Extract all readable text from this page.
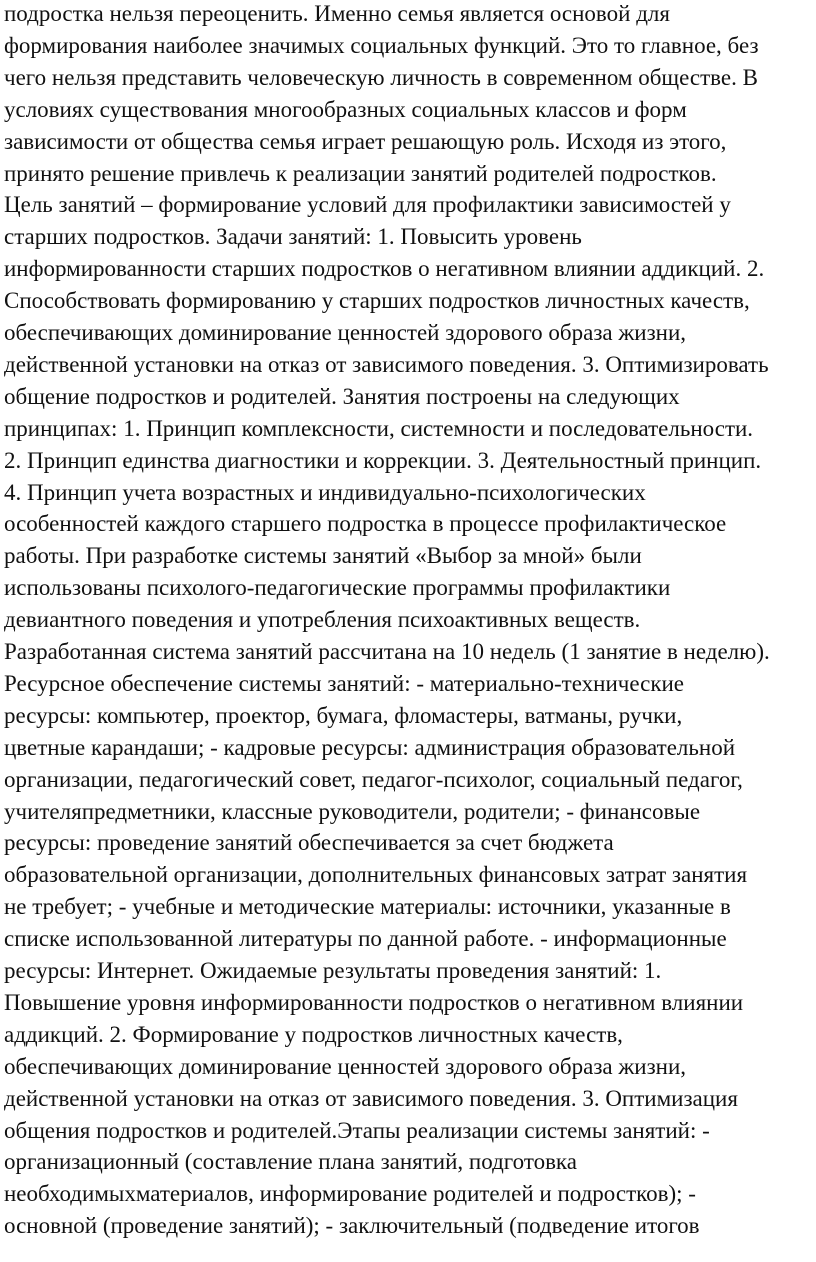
подростка нельзя переоценить. Именно семья является основой для
формирования наиболее значимых социальных функций. Это то главное, без
чего нельзя представить человеческую личность в современном обществе. В
условиях существования многообразных социальных классов и форм
зависимости от общества семья играет решающую роль. Исходя из этого,
принято решение привлечь к реализации занятий родителей подростков.
Цель занятий – формирование условий для профилактики зависимостей у
старших подростков. Задачи занятий: 1. Повысить уровень
информированности старших подростков о негативном влиянии аддикций. 2.
Способствовать формированию у старших подростков личностных качеств,
обеспечивающих доминирование ценностей здорового образа жизни,
действенной установки на отказ от зависимого поведения. 3. Оптимизировать
общение подростков и родителей. Занятия построены на следующих
принципах: 1. Принцип комплексности, системности и последовательности.
2. Принцип единства диагностики и коррекции. 3. Деятельностный принцип.
4. Принцип учета возрастных и индивидуально-психологических
особенностей каждого старшего подростка в процессе профилактическое
работы. При разработке системы занятий «Выбор за мной» были
использованы психолого-педагогические программы профилактики
девиантного поведения и употребления психоактивных веществ.
Разработанная система занятий рассчитана на 10 недель (1 занятие в неделю).
Ресурсное обеспечение системы занятий: - материально-технические
ресурсы: компьютер, проектор, бумага, фломастеры, ватманы, ручки,
цветные карандаши; - кадровые ресурсы: администрация образовательной
организации, педагогический совет, педагог-психолог, социальный педагог,
учителяпредметники, классные руководители, родители; - финансовые
ресурсы: проведение занятий обеспечивается за счет бюджета
образовательной организации, дополнительных финансовых затрат занятия
не требует; - учебные и методические материалы: источники, указанные в
списке использованной литературы по данной работе. - информационные
ресурсы: Интернет. Ожидаемые результаты проведения занятий: 1.
Повышение уровня информированности подростков о негативном влиянии
аддикций. 2. Формирование у подростков личностных качеств,
обеспечивающих доминирование ценностей здорового образа жизни,
действенной установки на отказ от зависимого поведения. 3. Оптимизация
общения подростков и родителей.Этапы реализации системы занятий: -
организационный (составление плана занятий, подготовка
необходимыхматериалов, информирование родителей и подростков); -
основной (проведение занятий); - заключительный (подведение итогов
